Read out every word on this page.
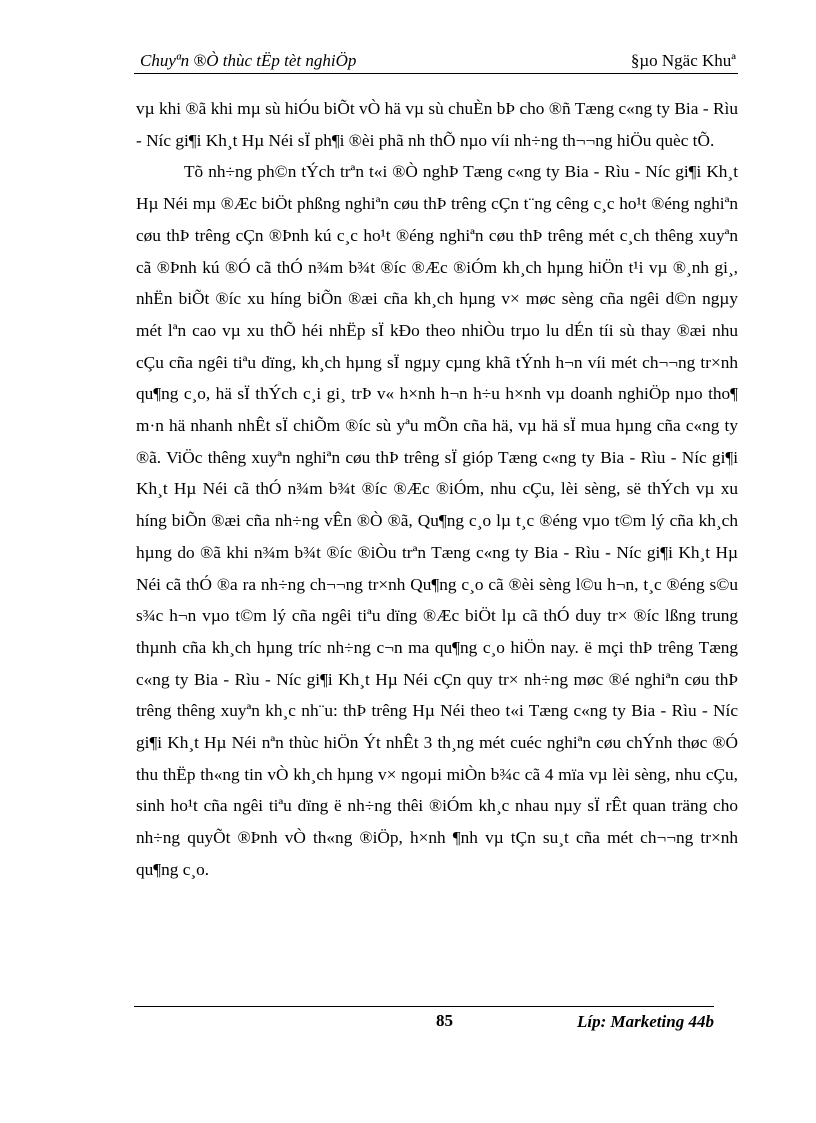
Chuyªn ®Ò thùc tËp tèt nghiÖp	§µo Ngäc Khuª

vµ khi ®ã khi mµ sù hiÓu biÕt vÒ hä vµ sù chuÈn bÞ cho ®ñ Tæng c«ng ty Bia - Rìu - Níc gi¶i Kh¸t Hµ Néi sÏ ph¶i ®èi phã nh thÕ nµo víi nh÷ng th¬¬ng hiÖu quèc tÕ.

Tõ nh÷ng ph©n tÝch trªn t«i ®Ò nghÞ Tæng c«ng ty Bia - Rìu - Níc gi¶i Kh¸t Hµ Néi mµ ®Æc biÖt phßng nghiªn cøu thÞ trêng cÇn t¨ng cêng c¸c ho¹t ®éng nghiªn cøu thÞ trêng cÇn ®Þnh kú c¸c ho¹t ®éng nghiªn cøu thÞ trêng mét c¸ch thêng xuyªn cã ®Þnh kú ®Ó cã thÓ n¾m b¾t ®íc ®Æc ®iÓm kh¸ch hµng hiÖn t¹i vµ ®¸nh gi¸, nhËn biÕt ®íc xu híng biÕn ®æi cña kh¸ch hµng v× møc sèng cña ngêi d©n ngµy mét lªn cao vµ xu thÕ héi nhËp sÏ kÐo theo nhiÒu trµo lu dÉn tíi sù thay ®æi nhu cÇu cña ngêi tiªu dïng, kh¸ch hµng sÏ ngµy cµng khã tÝnh h¬n víi mét ch¬¬ng tr×nh qu¶ng c¸o, hä sÏ thÝch c¸i gi¸ trÞ v« h×nh h¬n h÷u h×nh vµ doanh nghiÖp nµo tho¶ m·n hä nhanh nhÊt sÏ chiÕm ®íc sù yªu mÕn cña hä, vµ hä sÏ mua hµng cña c«ng ty ®ã. ViÖc thêng xuyªn nghiªn cøu thÞ trêng sÏ gióp Tæng c«ng ty Bia - Rìu - Níc gi¶i Kh¸t Hµ Néi cã thÓ n¾m b¾t ®íc ®Æc ®iÓm, nhu cÇu, lèi sèng, së thÝch vµ xu híng biÕn ®æi cña nh÷ng vÊn ®Ò ®ã, Qu¶ng c¸o lµ t¸c ®éng vµo t©m lý cña kh¸ch hµng do ®ã khi n¾m b¾t ®íc ®iÒu trªn Tæng c«ng ty Bia - Rìu - Níc gi¶i Kh¸t Hµ Néi cã thÓ ®a ra nh÷ng ch¬¬ng tr×nh Qu¶ng c¸o cã ®èi sèng l©u h¬n, t¸c ®éng s©u s¾c h¬n vµo t©m lý cña ngêi tiªu dïng ®Æc biÖt lµ cã thÓ duy tr× ®íc lßng trung thµnh cña kh¸ch hµng tríc nh÷ng c¬n ma qu¶ng c¸o hiÖn nay. ë mçi thÞ trêng Tæng c«ng ty Bia - Rìu - Níc gi¶i Kh¸t Hµ Néi cÇn quy tr× nh÷ng møc ®é nghiªn cøu thÞ trêng thêng xuyªn kh¸c nh¨u: thÞ trêng Hµ Néi theo t«i Tæng c«ng ty Bia - Rìu - Níc gi¶i Kh¸t Hµ Néi nªn thùc hiÖn Ýt nhÊt 3 th¸ng mét cuéc nghiªn cøu chÝnh thøc ®Ó thu thËp th«ng tin vÒ kh¸ch hµng v× ngoµi miÒn b¾c cã 4 mïa vµ lèi sèng, nhu cÇu, sinh ho¹t cña ngêi tiªu dïng ë nh÷ng thêi ®iÓm kh¸c nhau nµy sÏ rÊt quan träng cho nh÷ng quyÕt ®Þnh vÒ th«ng ®iÖp, h×nh ¶nh vµ tÇn su¸t cña mét ch¬¬ng tr×nh qu¶ng c¸o.

85	Líp: Marketing 44b
